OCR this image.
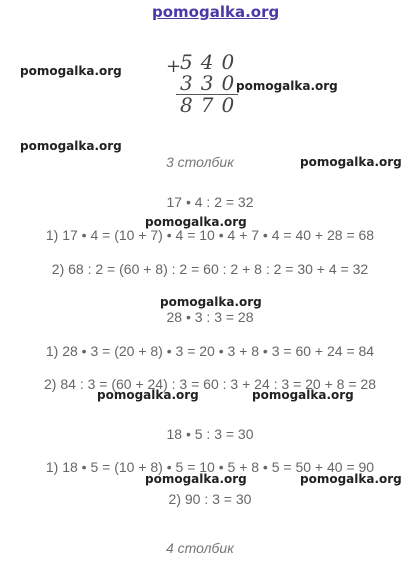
pomogalka.org
+
540
330
870
pomogalka.org
pomogalka.org
pomogalka.org
pomogalka.org
3 столбик
17 • 4 : 2 = 32
pomogalka.org
1) 17 • 4 = (10 + 7) • 4 = 10 • 4 + 7 • 4 = 40 + 28 = 68
2) 68 : 2 = (60 + 8) : 2 = 60 : 2 + 8 : 2 = 30 + 4 = 32
pomogalka.org
28 • 3 : 3 = 28
1) 28 • 3 = (20 + 8) • 3 = 20 • 3 + 8 • 3 = 60 + 24 = 84
2) 84 : 3 = (60 + 24) : 3 = 60 : 3 + 24 : 3 = 20 + 8 = 28
pomogalka.org	pomogalka.org
18 • 5 : 3 = 30
1) 18 • 5 = (10 + 8) • 5 = 10 • 5 + 8 • 5 = 50 + 40 = 90
pomogalka.org	pomogalka.org
2) 90 : 3 = 30
4 столбик
